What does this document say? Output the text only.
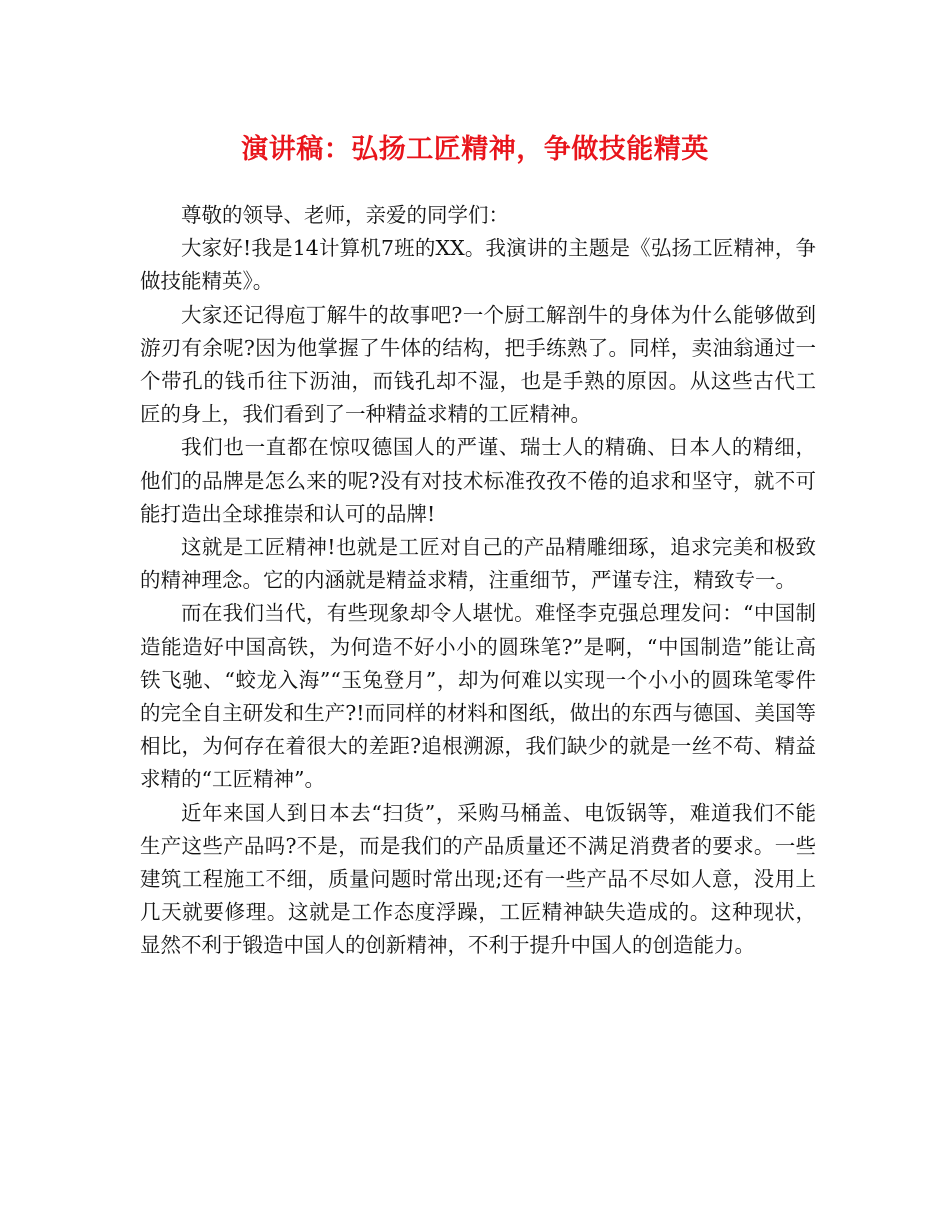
演讲稿：弘扬工匠精神，争做技能精英

尊敬的领导、老师，亲爱的同学们：

大家好!我是14计算机7班的XX。我演讲的主题是《弘扬工匠精神，争做技能精英》。

大家还记得庖丁解牛的故事吧?一个厨工解剖牛的身体为什么能够做到游刃有余呢?因为他掌握了牛体的结构，把手练熟了。同样，卖油翁通过一个带孔的钱币往下沥油，而钱孔却不湿，也是手熟的原因。从这些古代工匠的身上，我们看到了一种精益求精的工匠精神。

我们也一直都在惊叹德国人的严谨、瑞士人的精确、日本人的精细，他们的品牌是怎么来的呢?没有对技术标准孜孜不倦的追求和坚守，就不可能打造出全球推崇和认可的品牌!

这就是工匠精神!也就是工匠对自己的产品精雕细琢，追求完美和极致的精神理念。它的内涵就是精益求精，注重细节，严谨专注，精致专一。

而在我们当代，有些现象却令人堪忧。难怪李克强总理发问：“中国制造能造好中国高铁，为何造不好小小的圆珠笔?”是啊，“中国制造”能让高铁飞驰、“蛟龙入海”“玉兔登月”，却为何难以实现一个小小的圆珠笔零件的完全自主研发和生产?!而同样的材料和图纸，做出的东西与德国、美国等相比，为何存在着很大的差距?追根溯源，我们缺少的就是一丝不苟、精益求精的“工匠精神”。

近年来国人到日本去“扫货”，采购马桶盖、电饭锅等，难道我们不能生产这些产品吗?不是，而是我们的产品质量还不满足消费者的要求。一些建筑工程施工不细，质量问题时常出现;还有一些产品不尽如人意，没用上几天就要修理。这就是工作态度浮躁，工匠精神缺失造成的。这种现状，显然不利于锻造中国人的创新精神，不利于提升中国人的创造能力。
